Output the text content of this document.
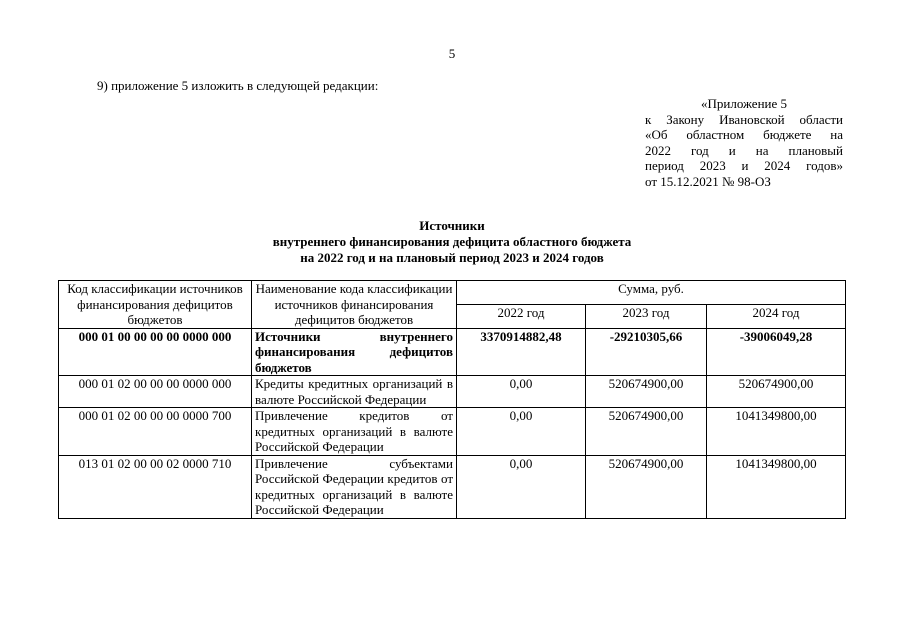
5
9) приложение 5 изложить в следующей редакции:
«Приложение 5
к Закону Ивановской области
«Об областном бюджете на
2022 год и на плановый
период 2023 и 2024 годов»
от 15.12.2021 № 98-ОЗ
Источники
внутреннего финансирования дефицита областного бюджета
на 2022 год и на плановый период 2023 и 2024 годов
Код классификации источников финансирования дефицитов бюджетов	Наименование кода классификации источников финансирования дефицитов бюджетов	Сумма, руб.		
		2022 год	2023 год	2024 год
000 01 00 00 00 00 0000 000	Источники внутреннего финансирования дефицитов бюджетов	3370914882,48	-29210305,66	-39006049,28
000 01 02 00 00 00 0000 000	Кредиты кредитных организаций в валюте Российской Федерации	0,00	520674900,00	520674900,00
000 01 02 00 00 00 0000 700	Привлечение кредитов от кредитных организаций в валюте Российской Федерации	0,00	520674900,00	1041349800,00
013 01 02 00 00 02 0000 710	Привлечение субъектами Российской Федерации кредитов от кредитных организаций в валюте Российской Федерации	0,00	520674900,00	1041349800,00
